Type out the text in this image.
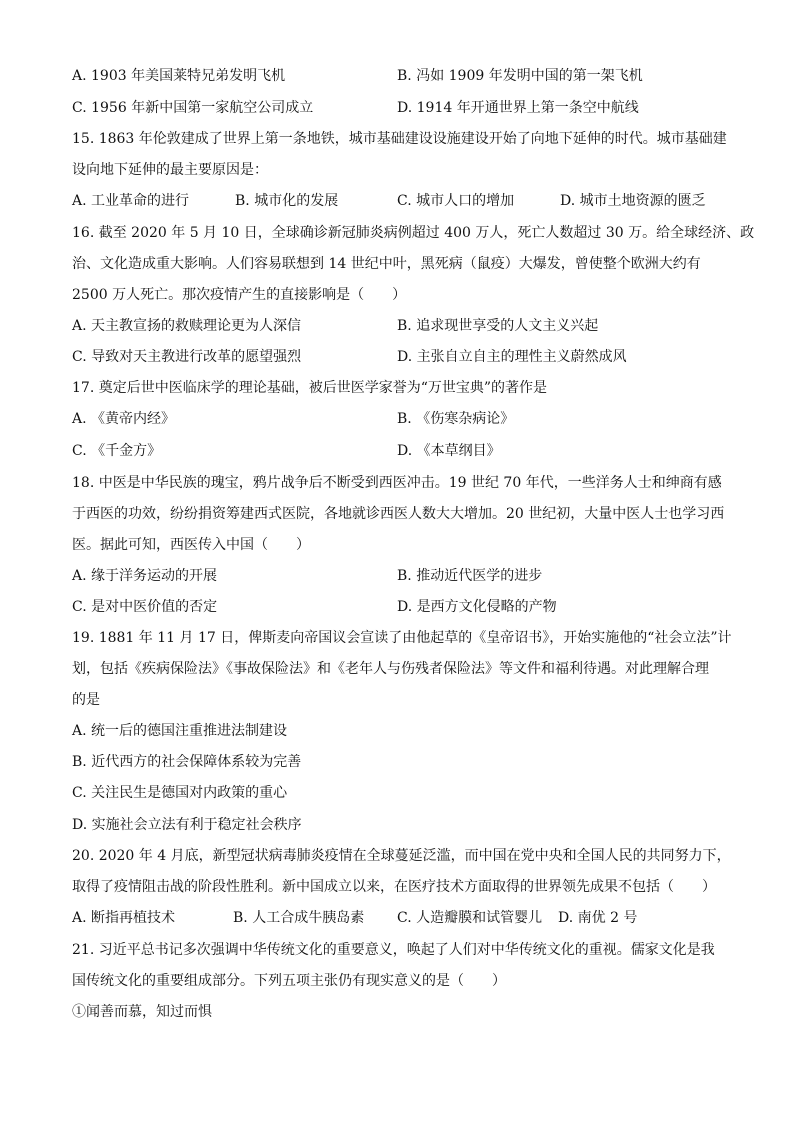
A. 1903 年美国莱特兄弟发明飞机	B. 冯如 1909 年发明中国的第一架飞机
C. 1956 年新中国第一家航空公司成立	D. 1914 年开通世界上第一条空中航线
15. 1863 年伦敦建成了世界上第一条地铁，城市基础建设设施建设开始了向地下延伸的时代。城市基础建
设向地下延伸的最主要原因是：
A. 工业革命的进行	B. 城市化的发展	C. 城市人口的增加	D. 城市土地资源的匮乏
16. 截至 2020 年 5 月 10 日，全球确诊新冠肺炎病例超过 400 万人，死亡人数超过 30 万。给全球经济、政
治、文化造成重大影响。人们容易联想到 14 世纪中叶，黑死病（鼠疫）大爆发，曾使整个欧洲大约有
2500 万人死亡。那次疫情产生的直接影响是（　　）
A. 天主教宣扬的救赎理论更为人深信	B. 追求现世享受的人文主义兴起
C. 导致对天主教进行改革的愿望强烈	D. 主张自立自主的理性主义蔚然成风
17. 奠定后世中医临床学的理论基础，被后世医学家誉为“万世宝典”的著作是
A. 《黄帝内经》	B. 《伤寒杂病论》
C. 《千金方》	D. 《本草纲目》
18. 中医是中华民族的瑰宝，鸦片战争后不断受到西医冲击。19 世纪 70 年代，一些洋务人士和绅商有感
于西医的功效，纷纷捐资筹建西式医院，各地就诊西医人数大大增加。20 世纪初，大量中医人士也学习西
医。据此可知，西医传入中国（　　）
A. 缘于洋务运动的开展	B. 推动近代医学的进步
C. 是对中医价值的否定	D. 是西方文化侵略的产物
19. 1881 年 11 月 17 日，俾斯麦向帝国议会宣读了由他起草的《皇帝诏书》，开始实施他的“社会立法”计
划，包括《疾病保险法》《事故保险法》和《老年人与伤残者保险法》等文件和福利待遇。对此理解合理
的是
A. 统一后的德国注重推进法制建设
B. 近代西方的社会保障体系较为完善
C. 关注民生是德国对内政策的重心
D. 实施社会立法有利于稳定社会秩序
20. 2020 年 4 月底，新型冠状病毒肺炎疫情在全球蔓延泛滥，而中国在党中央和全国人民的共同努力下，
取得了疫情阻击战的阶段性胜利。新中国成立以来，在医疗技术方面取得的世界领先成果不包括（　　）
A. 断指再植技术	B. 人工合成牛胰岛素 C. 人造瓣膜和试管婴儿 D. 南优 2 号
21. 习近平总书记多次强调中华传统文化的重要意义，唤起了人们对中华传统文化的重视。儒家文化是我
国传统文化的重要组成部分。下列五项主张仍有现实意义的是（　　）
①闻善而慕，知过而惧
